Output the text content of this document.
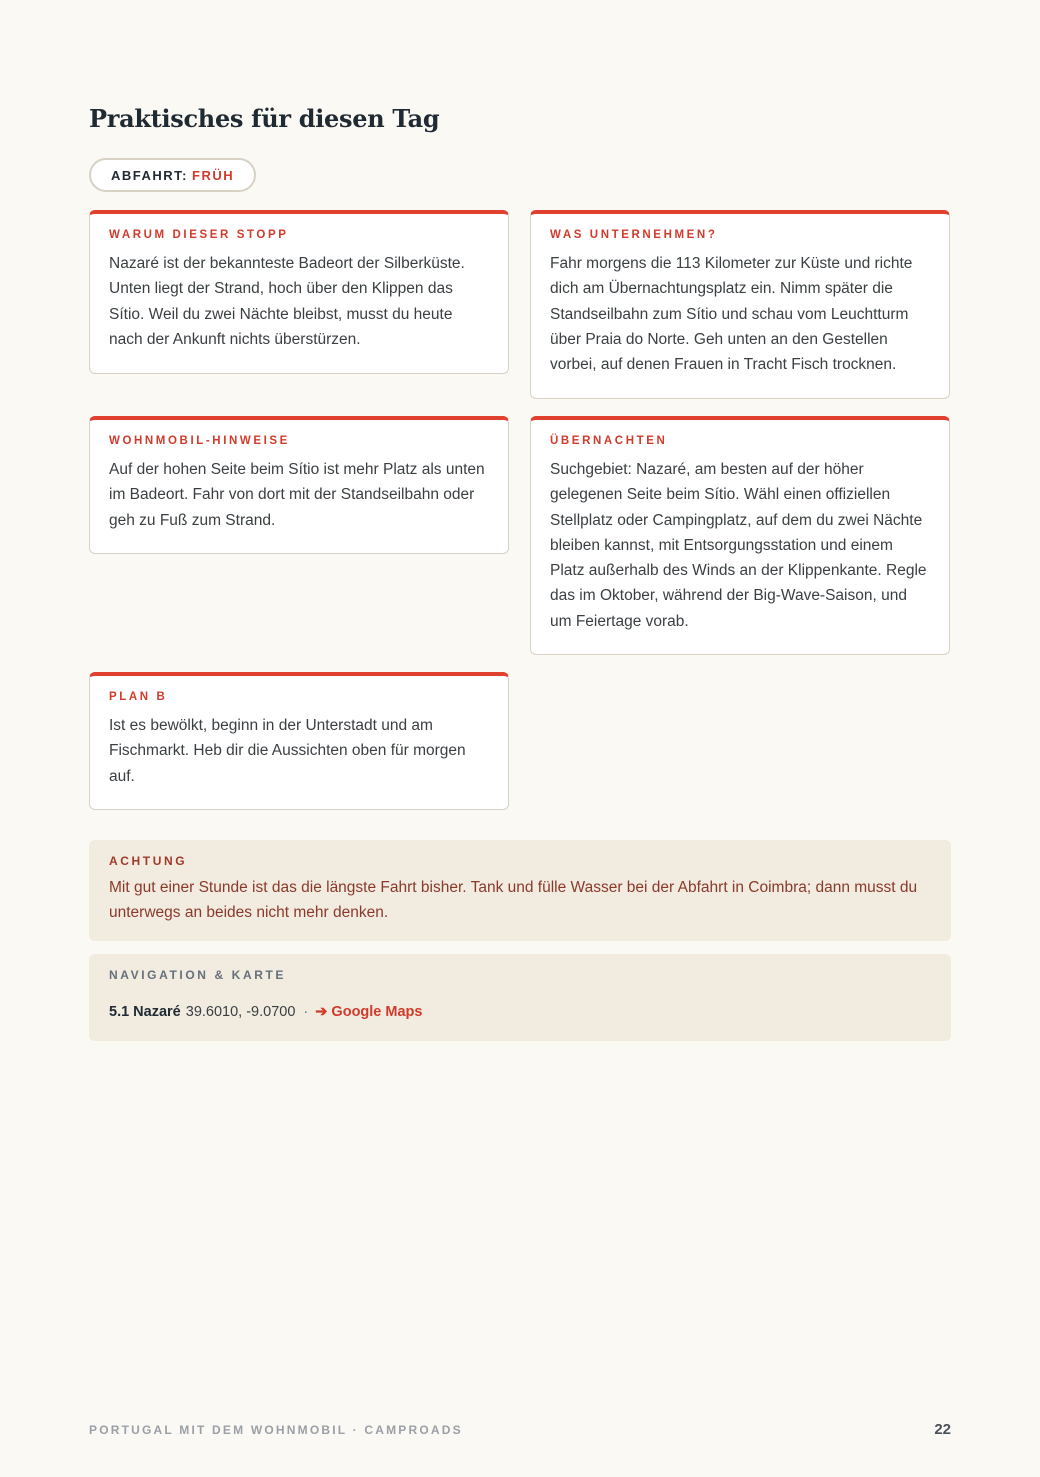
Praktisches für diesen Tag
ABFAHRT: FRÜH

WARUM DIESER STOPP

Nazaré ist der bekannteste Badeort der Silberküste. Unten liegt der Strand, hoch über den Klippen das Sítio. Weil du zwei Nächte bleibst, musst du heute nach der Ankunft nichts überstürzen.

WAS UNTERNEHMEN?

Fahr morgens die 113 Kilometer zur Küste und richte dich am Übernachtungsplatz ein. Nimm später die Standseilbahn zum Sítio und schau vom Leuchtturm über Praia do Norte. Geh unten an den Gestellen vorbei, auf denen Frauen in Tracht Fisch trocknen.

WOHNMOBIL-HINWEISE

Auf der hohen Seite beim Sítio ist mehr Platz als unten im Badeort. Fahr von dort mit der Standseilbahn oder geh zu Fuß zum Strand.

ÜBERNACHTEN

Suchgebiet: Nazaré, am besten auf der höher gelegenen Seite beim Sítio. Wähl einen offiziellen Stellplatz oder Campingplatz, auf dem du zwei Nächte bleiben kannst, mit Entsorgungsstation und einem Platz außerhalb des Winds an der Klippenkante. Regle das im Oktober, während der Big-Wave-Saison, und um Feiertage vorab.

PLAN B

Ist es bewölkt, beginn in der Unterstadt und am Fischmarkt. Heb dir die Aussichten oben für morgen auf.

ACHTUNG

Mit gut einer Stunde ist das die längste Fahrt bisher. Tank und fülle Wasser bei der Abfahrt in Coimbra; dann musst du unterwegs an beides nicht mehr denken.

NAVIGATION & KARTE

5.1 Nazaré 39.6010, -9.0700 · ➔ Google Maps
PORTUGAL MIT DEM WOHNMOBIL · CAMPROADS	22
